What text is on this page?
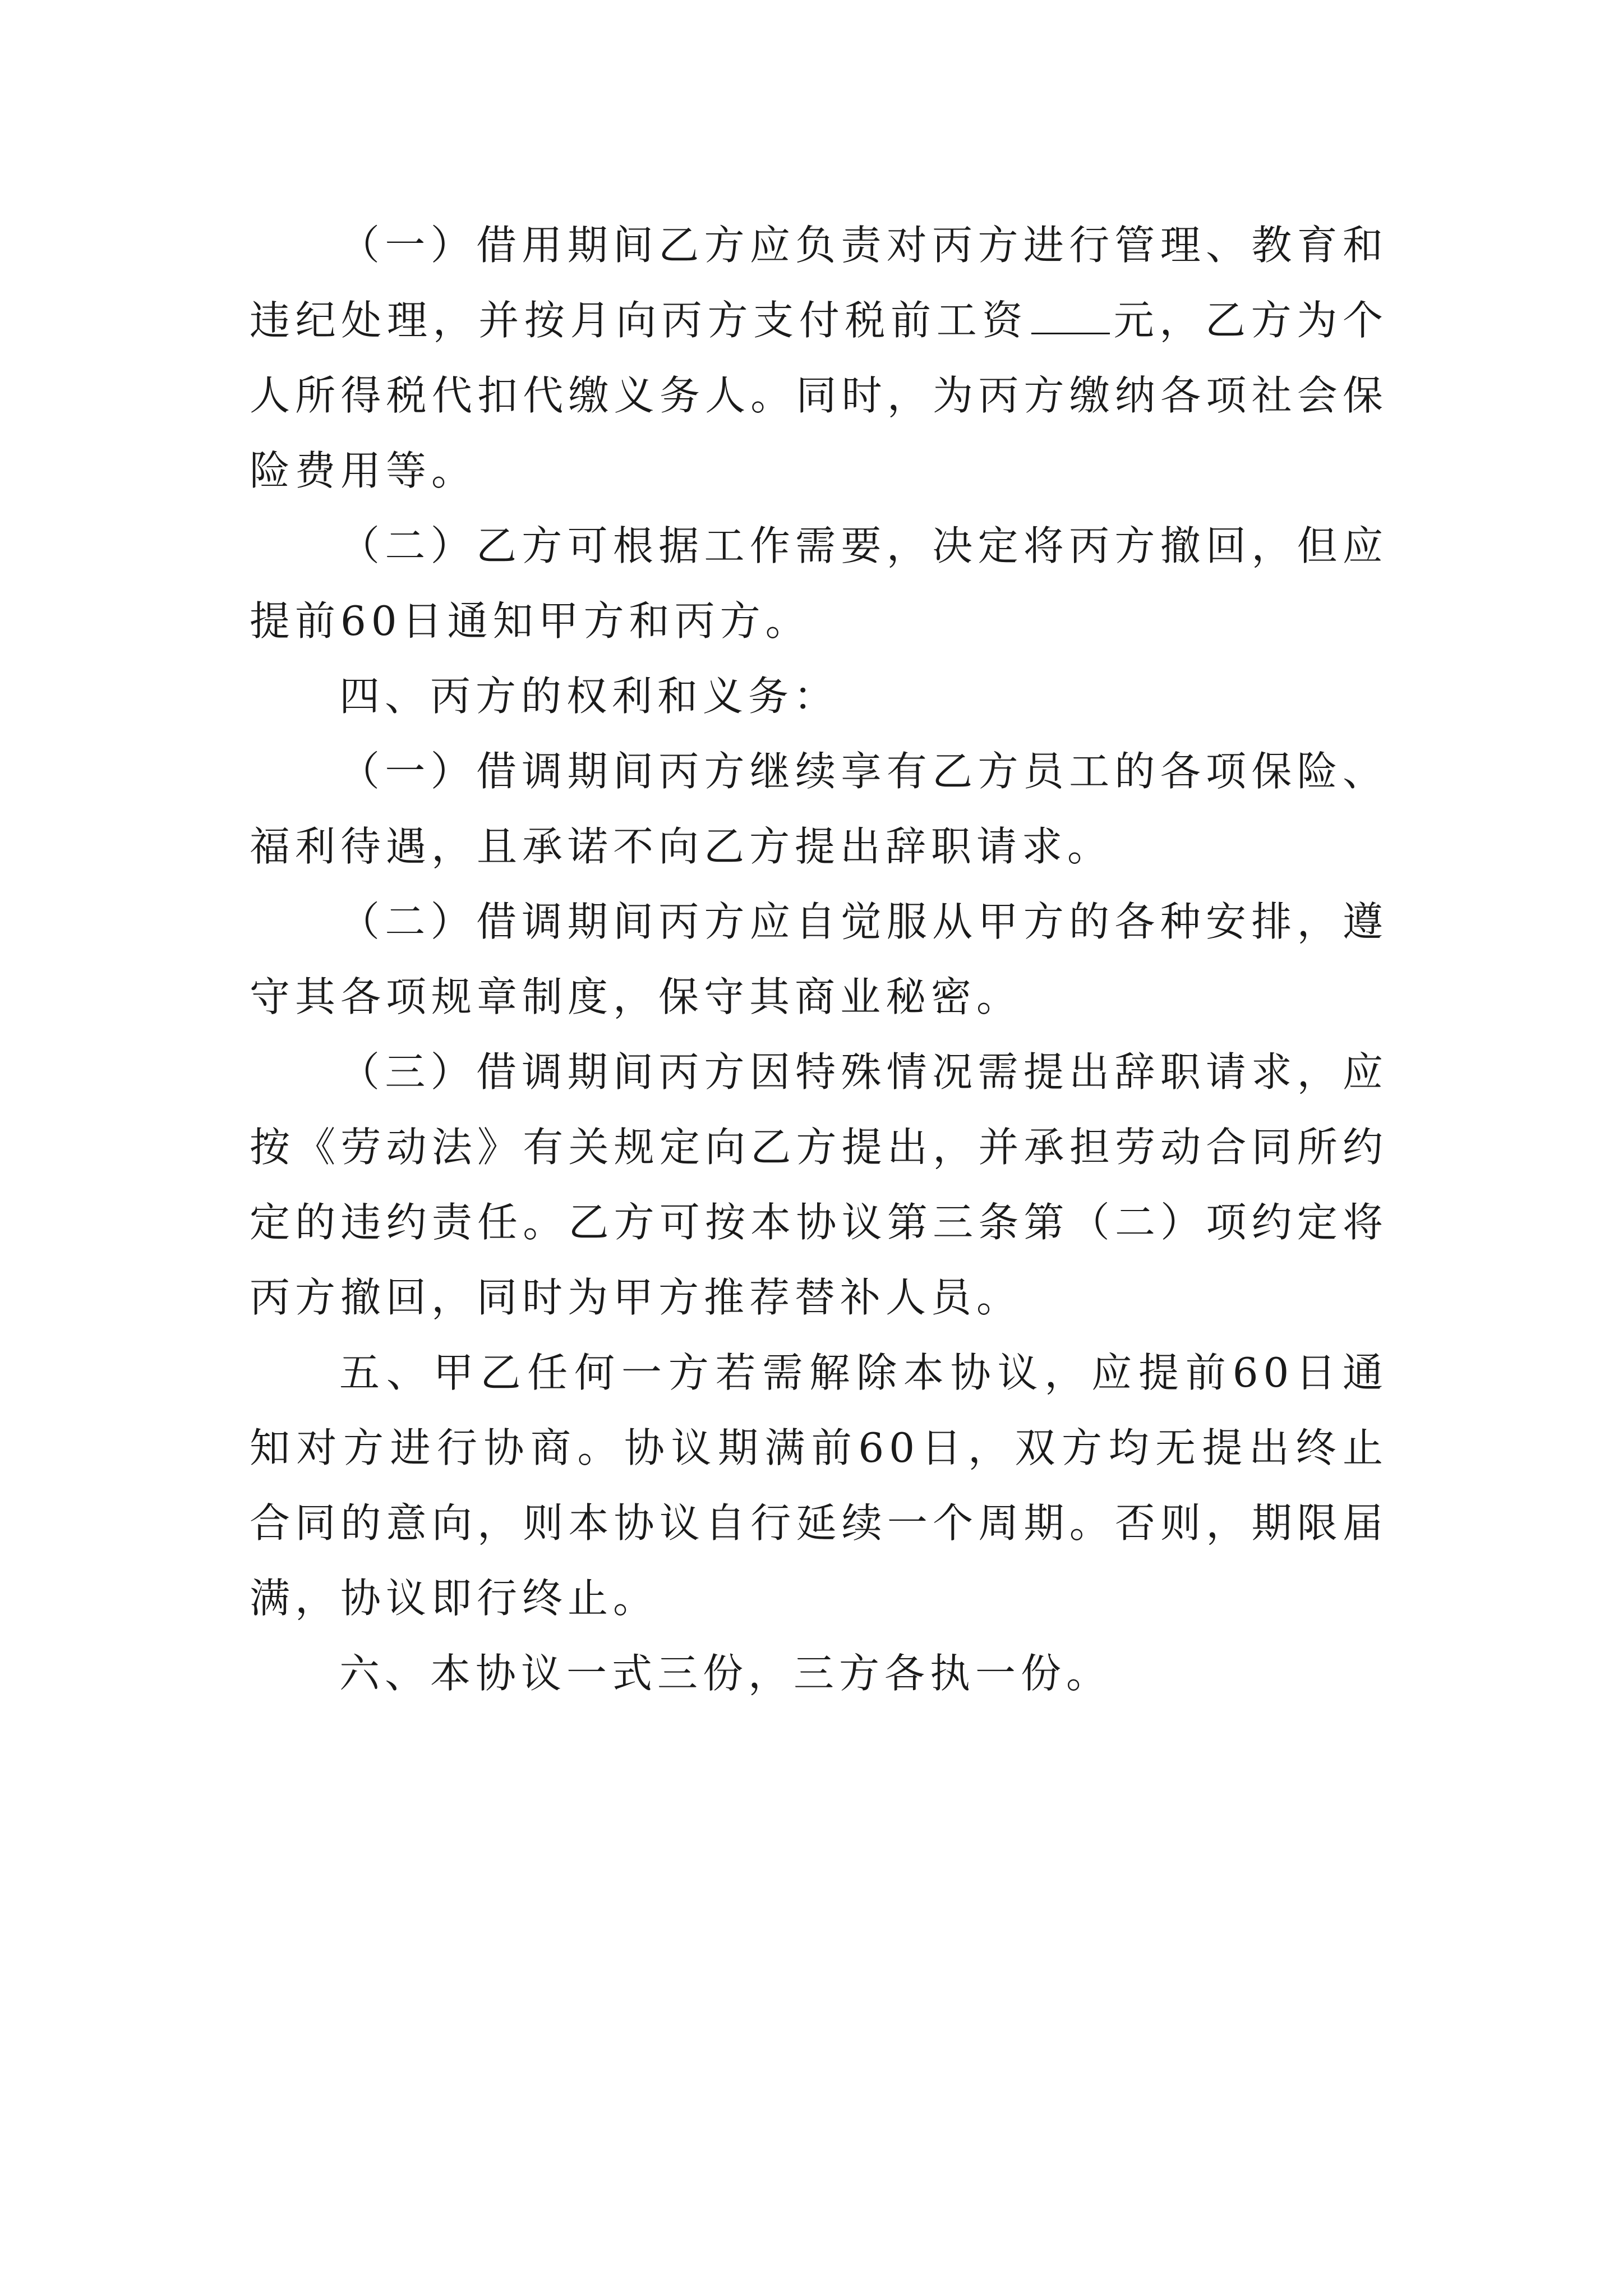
（一）借用期间乙方应负责对丙方进行管理、教育和违纪处理，并按月向丙方支付税前工资 元，乙方为个人所得税代扣代缴义务人。同时，为丙方缴纳各项社会保险费用等。

（二）乙方可根据工作需要，决定将丙方撤回，但应提前60日通知甲方和丙方。

四、丙方的权利和义务：

（一）借调期间丙方继续享有乙方员工的各项保险、福利待遇，且承诺不向乙方提出辞职请求。

（二）借调期间丙方应自觉服从甲方的各种安排，遵守其各项规章制度，保守其商业秘密。

（三）借调期间丙方因特殊情况需提出辞职请求，应按《劳动法》有关规定向乙方提出，并承担劳动合同所约定的违约责任。乙方可按本协议第三条第（二）项约定将丙方撤回，同时为甲方推荐替补人员。

五、甲乙任何一方若需解除本协议，应提前60日通知对方进行协商。协议期满前60日，双方均无提出终止合同的意向，则本协议自行延续一个周期。否则，期限届满，协议即行终止。

六、本协议一式三份，三方各执一份。
